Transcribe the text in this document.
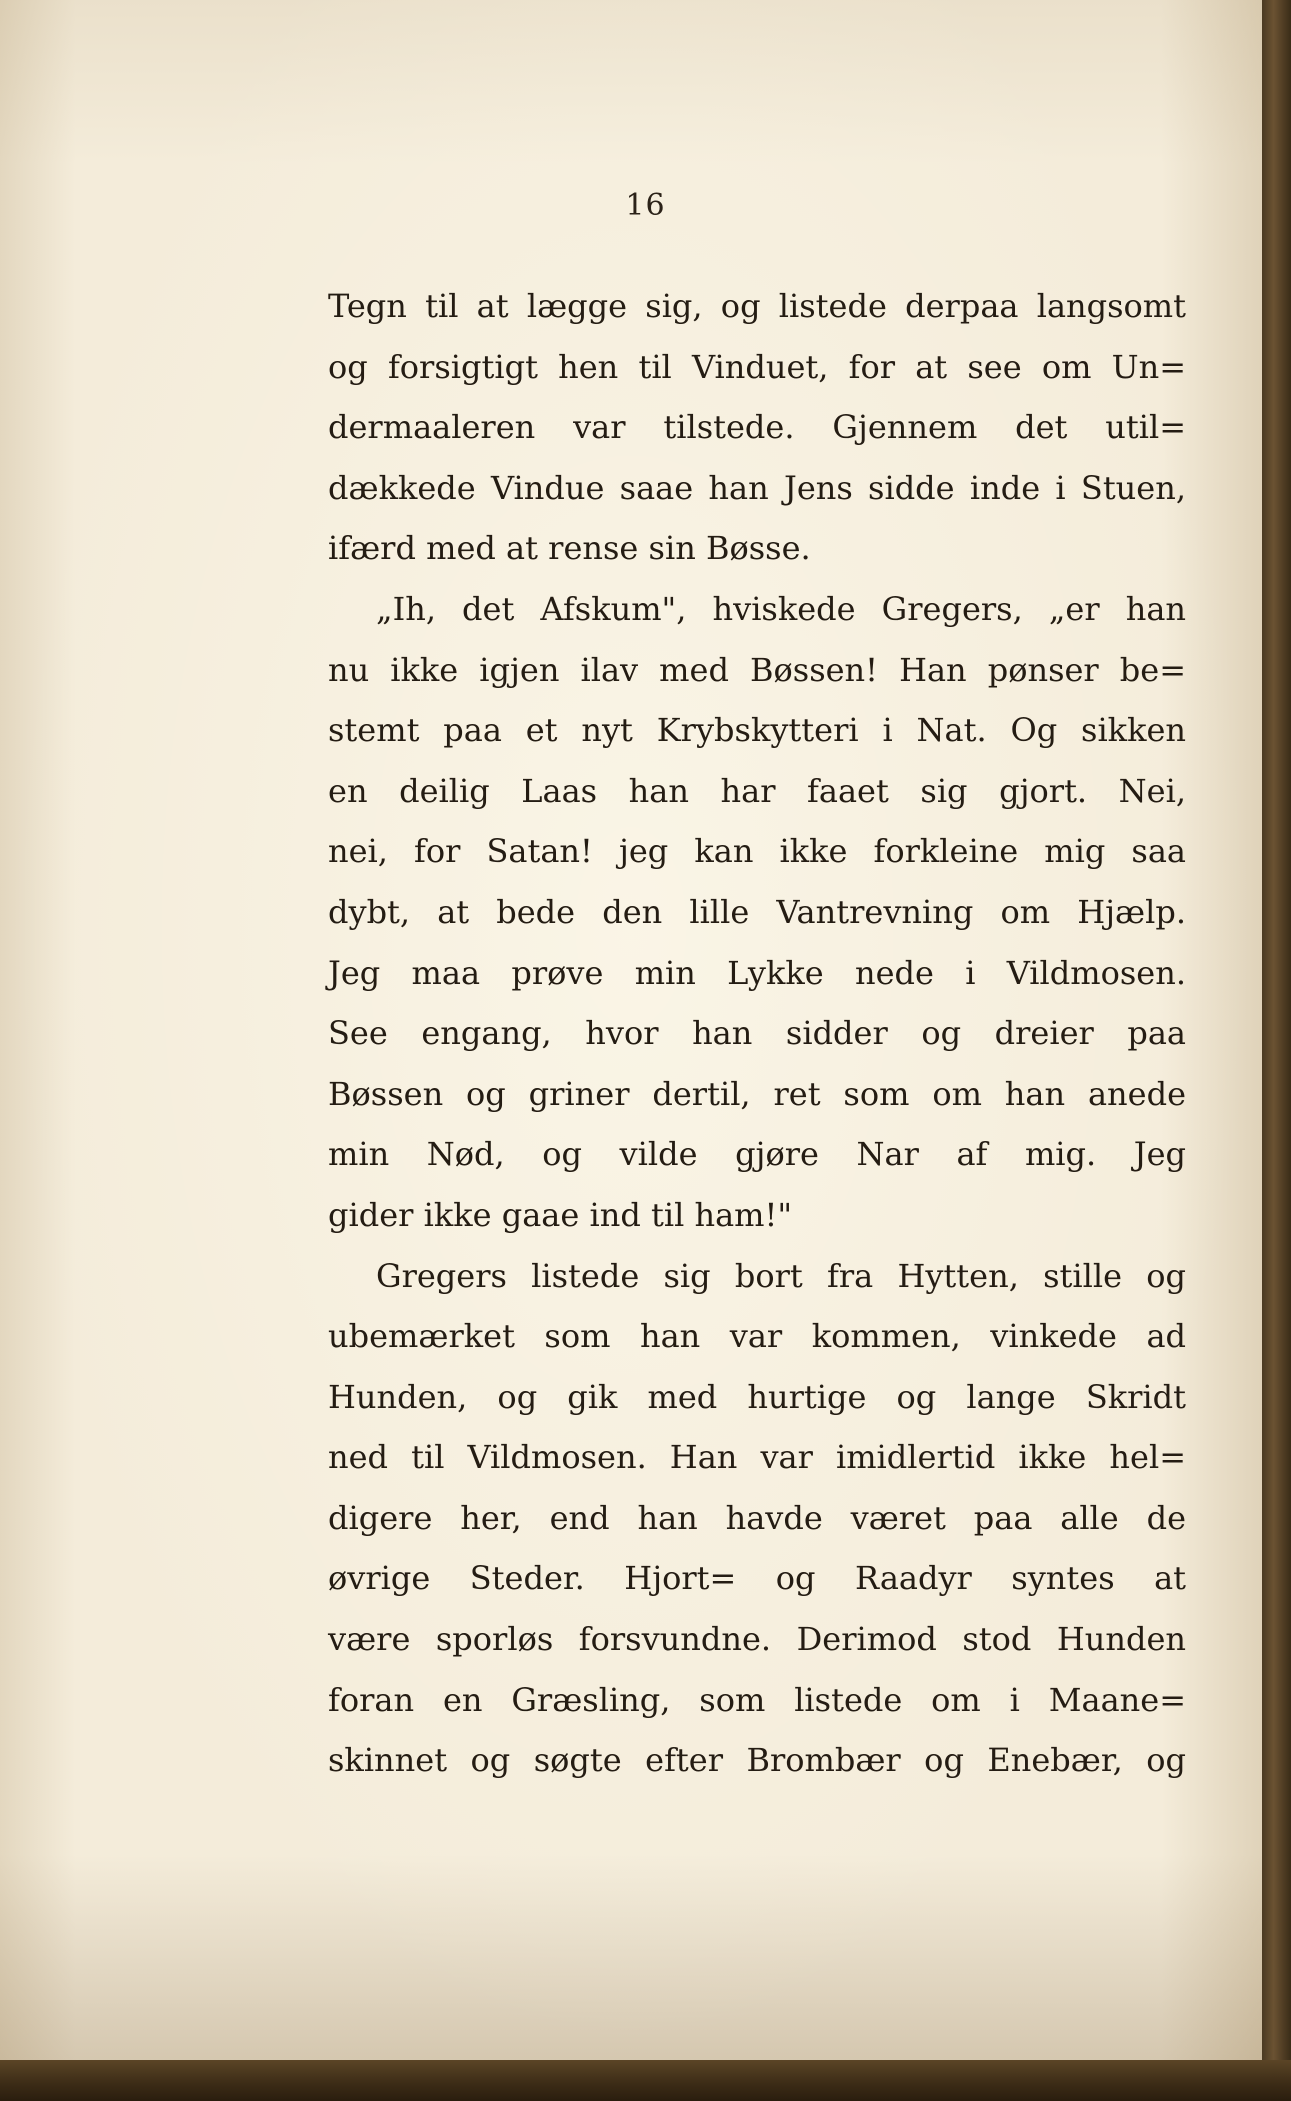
16
Tegn til at lægge sig, og listede derpaa langsomt
og forsigtigt hen til Vinduet, for at see om Un=
dermaaleren var tilstede. Gjennem det util=
dækkede Vindue saae han Jens sidde inde i Stuen,
ifærd med at rense sin Bøsse.
„Ih, det Afskum", hviskede Gregers, „er han
nu ikke igjen ilav med Bøssen! Han pønser be=
stemt paa et nyt Krybskytteri i Nat. Og sikken
en deilig Laas han har faaet sig gjort. Nei,
nei, for Satan! jeg kan ikke forkleine mig saa
dybt, at bede den lille Vantrevning om Hjælp.
Jeg maa prøve min Lykke nede i Vildmosen.
See engang, hvor han sidder og dreier paa
Bøssen og griner dertil, ret som om han anede
min Nød, og vilde gjøre Nar af mig. Jeg
gider ikke gaae ind til ham!"
Gregers listede sig bort fra Hytten, stille og
ubemærket som han var kommen, vinkede ad
Hunden, og gik med hurtige og lange Skridt
ned til Vildmosen. Han var imidlertid ikke hel=
digere her, end han havde været paa alle de
øvrige Steder. Hjort= og Raadyr syntes at
være sporløs forsvundne. Derimod stod Hunden
foran en Græsling, som listede om i Maane=
skinnet og søgte efter Brombær og Enebær, og
